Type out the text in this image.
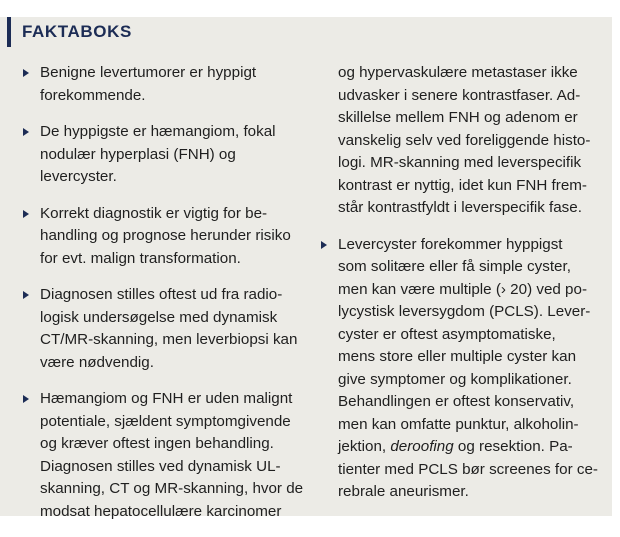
FAKTABOKS
Benigne levertumorer er hyppigt
forekommende.
De hyppigste er hæmangiom, fokal
nodulær hyperplasi (FNH) og
levercyster.
Korrekt diagnostik er vigtig for be-
handling og prognose herunder risiko
for evt. malign transformation.
Diagnosen stilles oftest ud fra radio-
logisk undersøgelse med dynamisk
CT/MR-skanning, men leverbiopsi kan
være nødvendig.
Hæmangiom og FNH er uden malignt
potentiale, sjældent symptomgivende
og kræver oftest ingen behandling.
Diagnosen stilles ved dynamisk UL-
skanning, CT og MR-skanning, hvor de
modsat hepatocellulære karcinomer
og hypervaskulære metastaser ikke
udvasker i senere kontrastfaser. Ad-
skillelse mellem FNH og adenom er
vanskelig selv ved foreliggende histo-
logi. MR-skanning med leverspecifik
kontrast er nyttig, idet kun FNH frem-
står kontrastfyldt i leverspecifik fase.
Levercyster forekommer hyppigst
som solitære eller få simple cyster,
men kan være multiple (› 20) ved po-
lycystisk leversygdom (PCLS). Lever-
cyster er oftest asymptomatiske,
mens store eller multiple cyster kan
give symptomer og komplikationer.
Behandlingen er oftest konservativ,
men kan omfatte punktur, alkoholin-
jektion, deroofing og resektion. Pa-
tienter med PCLS bør screenes for ce-
rebrale aneurismer.
